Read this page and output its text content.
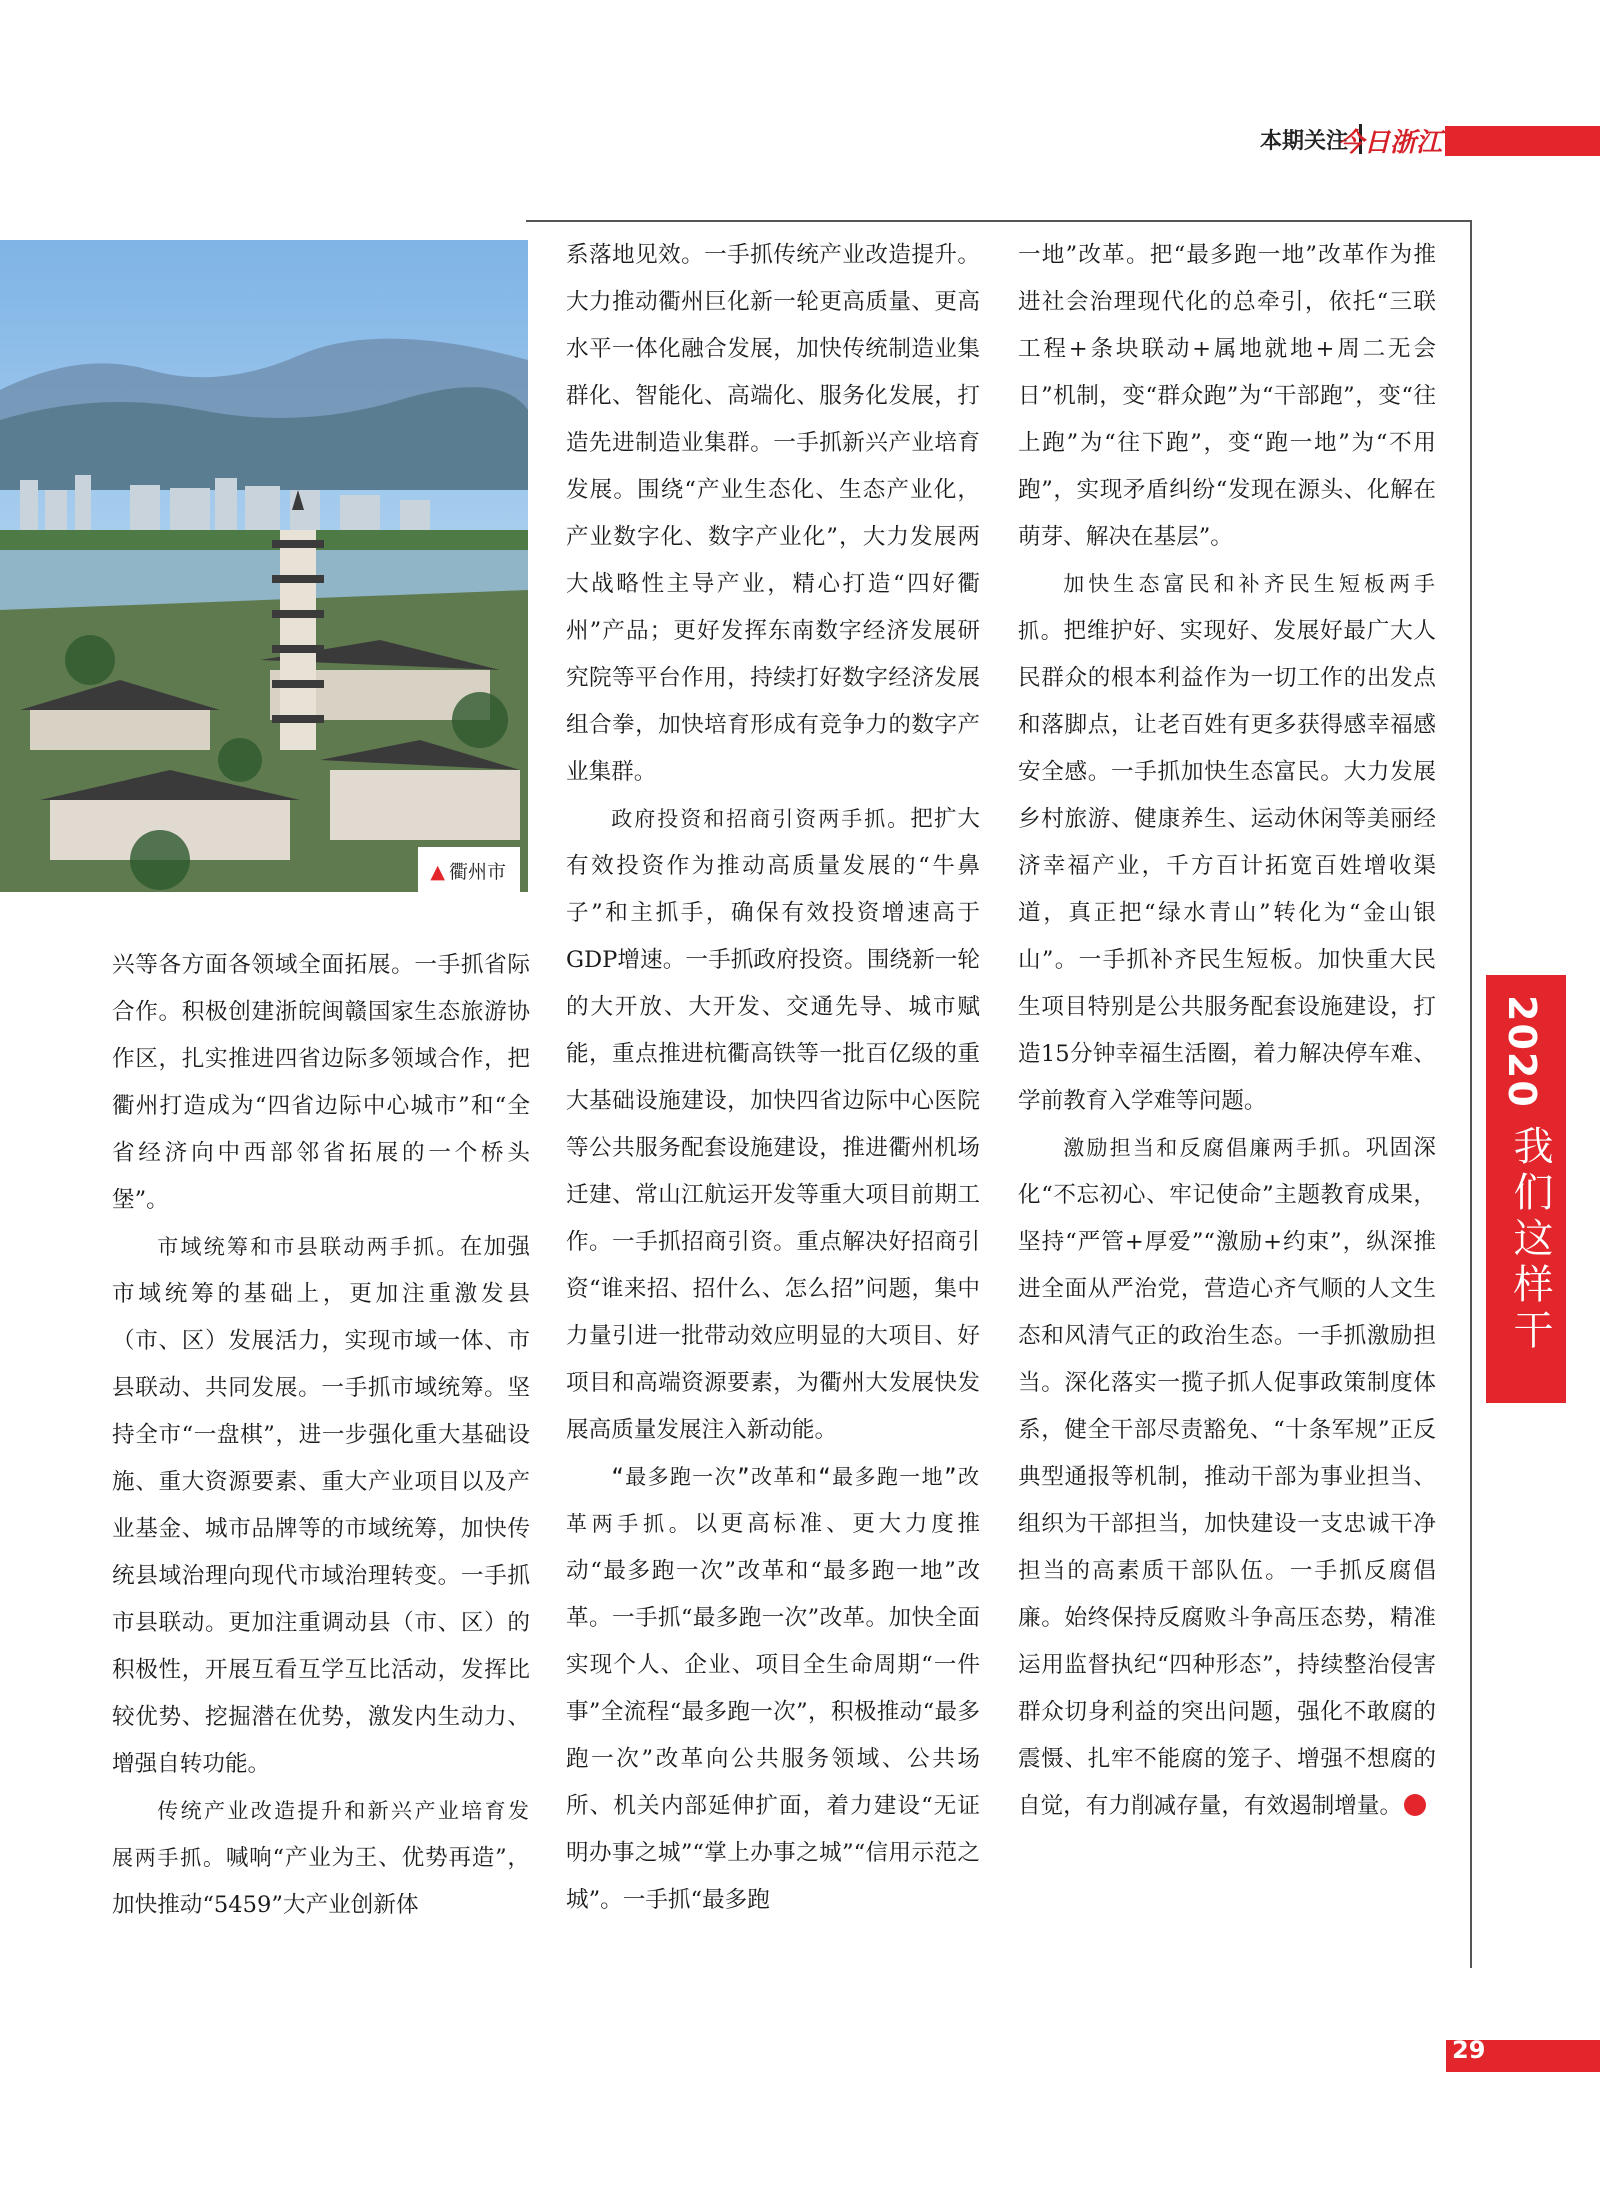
本期关注
今日浙江
▲ 衢州市

兴等各方面各领域全面拓展。一手抓省际合作。积极创建浙皖闽赣国家生态旅游协作区，扎实推进四省边际多领域合作，把衢州打造成为“四省边际中心城市”和“全省经济向中西部邻省拓展的一个桥头堡”。

市域统筹和市县联动两手抓。在加强市域统筹的基础上，更加注重激发县（市、区）发展活力，实现市域一体、市县联动、共同发展。一手抓市域统筹。坚持全市“一盘棋”，进一步强化重大基础设施、重大资源要素、重大产业项目以及产业基金、城市品牌等的市域统筹，加快传统县域治理向现代市域治理转变。一手抓市县联动。更加注重调动县（市、区）的积极性，开展互看互学互比活动，发挥比较优势、挖掘潜在优势，激发内生动力、增强自转功能。

传统产业改造提升和新兴产业培育发展两手抓。喊响“产业为王、优势再造”，加快推动“5459”大产业创新体

系落地见效。一手抓传统产业改造提升。大力推动衢州巨化新一轮更高质量、更高水平一体化融合发展，加快传统制造业集群化、智能化、高端化、服务化发展，打造先进制造业集群。一手抓新兴产业培育发展。围绕“产业生态化、生态产业化，产业数字化、数字产业化”，大力发展两大战略性主导产业，精心打造“四好衢州”产品；更好发挥东南数字经济发展研究院等平台作用，持续打好数字经济发展组合拳，加快培育形成有竞争力的数字产业集群。

政府投资和招商引资两手抓。把扩大有效投资作为推动高质量发展的“牛鼻子”和主抓手，确保有效投资增速高于GDP增速。一手抓政府投资。围绕新一轮的大开放、大开发、交通先导、城市赋能，重点推进杭衢高铁等一批百亿级的重大基础设施建设，加快四省边际中心医院等公共服务配套设施建设，推进衢州机场迁建、常山江航运开发等重大项目前期工作。一手抓招商引资。重点解决好招商引资“谁来招、招什么、怎么招”问题，集中力量引进一批带动效应明显的大项目、好项目和高端资源要素，为衢州大发展快发展高质量发展注入新动能。

“最多跑一次”改革和“最多跑一地”改革两手抓。以更高标准、更大力度推动“最多跑一次”改革和“最多跑一地”改革。一手抓“最多跑一次”改革。加快全面实现个人、企业、项目全生命周期“一件事”全流程“最多跑一次”，积极推动“最多跑一次”改革向公共服务领域、公共场所、机关内部延伸扩面，着力建设“无证明办事之城”“掌上办事之城”“信用示范之城”。一手抓“最多跑

一地”改革。把“最多跑一地”改革作为推进社会治理现代化的总牵引，依托“三联工程+条块联动+属地就地+周二无会日”机制，变“群众跑”为“干部跑”，变“往上跑”为“往下跑”，变“跑一地”为“不用跑”，实现矛盾纠纷“发现在源头、化解在萌芽、解决在基层”。

加快生态富民和补齐民生短板两手抓。把维护好、实现好、发展好最广大人民群众的根本利益作为一切工作的出发点和落脚点，让老百姓有更多获得感幸福感安全感。一手抓加快生态富民。大力发展乡村旅游、健康养生、运动休闲等美丽经济幸福产业，千方百计拓宽百姓增收渠道，真正把“绿水青山”转化为“金山银山”。一手抓补齐民生短板。加快重大民生项目特别是公共服务配套设施建设，打造15分钟幸福生活圈，着力解决停车难、学前教育入学难等问题。

激励担当和反腐倡廉两手抓。巩固深化“不忘初心、牢记使命”主题教育成果，坚持“严管+厚爱”“激励+约束”，纵深推进全面从严治党，营造心齐气顺的人文生态和风清气正的政治生态。一手抓激励担当。深化落实一揽子抓人促事政策制度体系，健全干部尽责豁免、“十条军规”正反典型通报等机制，推动干部为事业担当、组织为干部担当，加快建设一支忠诚干净担当的高素质干部队伍。一手抓反腐倡廉。始终保持反腐败斗争高压态势，精准运用监督执纪“四种形态”，持续整治侵害群众切身利益的突出问题，强化不敢腐的震慑、扎牢不能腐的笼子、增强不想腐的自觉，有力削减存量，有效遏制增量。

2020
我们这样干
29
